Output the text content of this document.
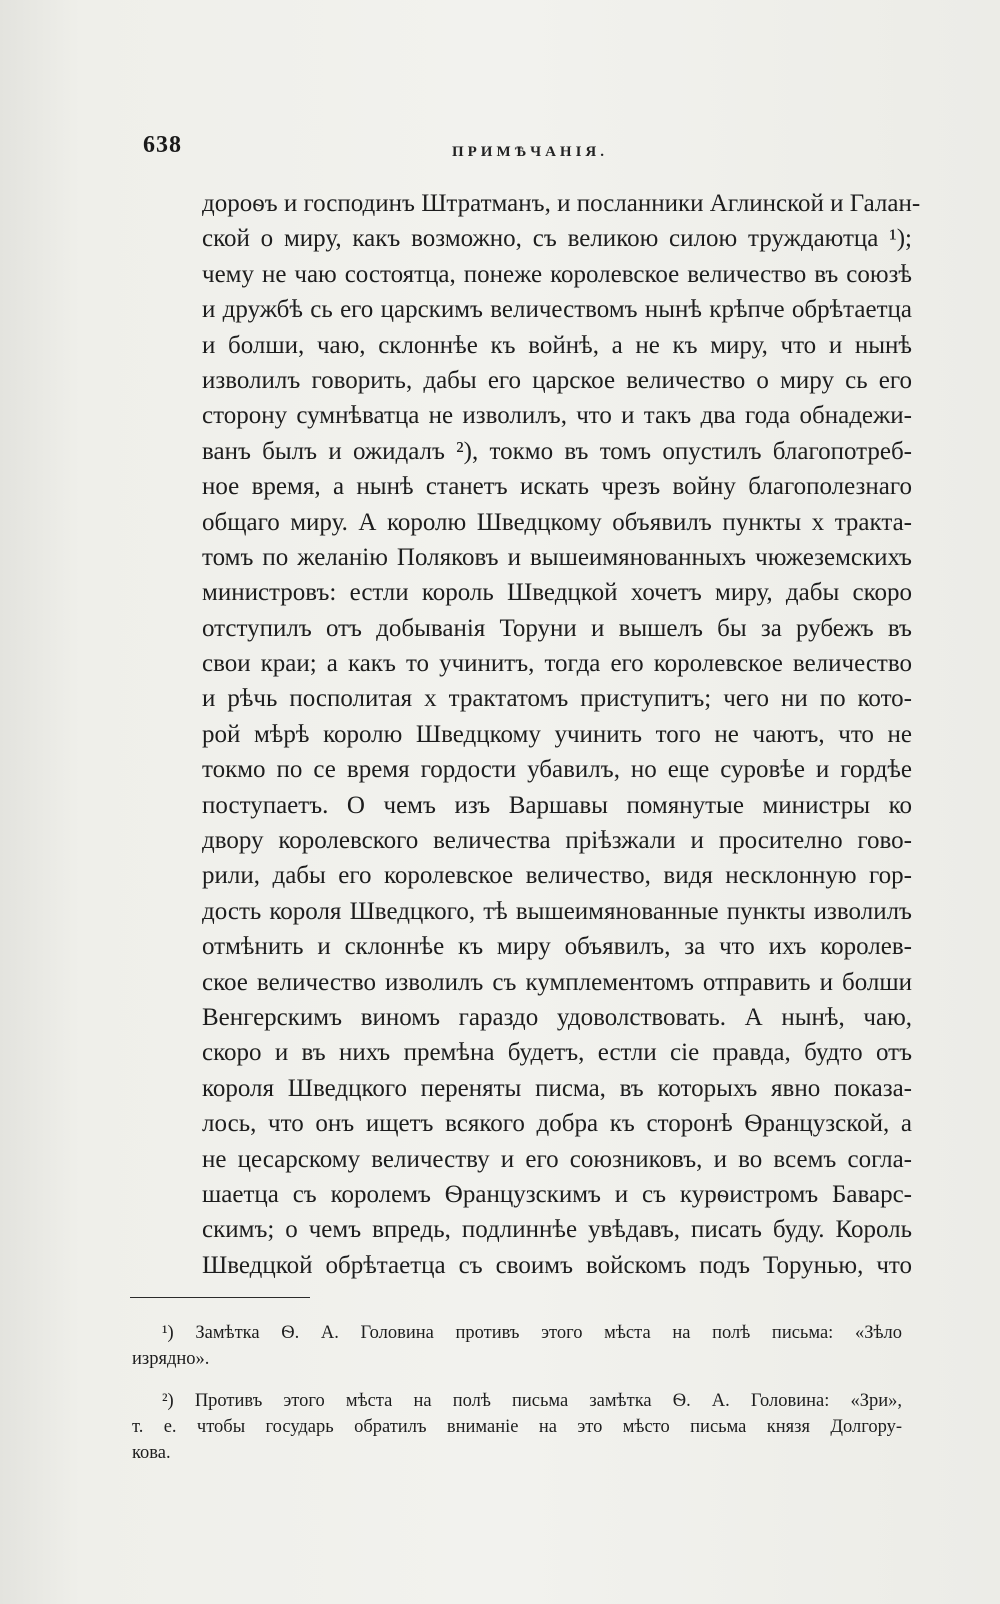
638	ПРИМѢЧАНІЯ.
дороѳъ и господинъ Штратманъ, и посланники Аглинской и Галан-
ской о миру, какъ возможно, съ великою силою труждаютца ¹);
чему не чаю состоятца, понеже королевское величество въ союзѣ
и дружбѣ сь его царскимъ величествомъ нынѣ крѣпче обрѣтаетца
и болши, чаю, склоннѣе къ войнѣ, а не къ миру, что и нынѣ
изволилъ говорить, дабы его царское величество о миру сь его
сторону сумнѣватца не изволилъ, что и такъ два года обнадежи-
ванъ былъ и ожидалъ ²), токмо въ томъ опустилъ благопотреб-
ное время, а нынѣ станетъ искать чрезъ войну благополезнаго
общаго миру. А королю Шведцкому объявилъ пункты х тракта-
томъ по желанію Поляковъ и вышеимянованныхъ чюжеземскихъ
министровъ: естли король Шведцкой хочетъ миру, дабы скоро
отступилъ отъ добыванія Торуни и вышелъ бы за рубежъ въ
свои краи; а какъ то учинитъ, тогда его королевское величество
и рѣчь посполитая х трактатомъ приступитъ; чего ни по кото-
рой мѣрѣ королю Шведцкому учинить того не чаютъ, что не
токмо по се время гордости убавилъ, но еще суровѣе и гордѣе
поступаетъ. О чемъ изъ Варшавы помянутые министры ко
двору королевского величества пріѣзжали и просително гово-
рили, дабы его королевское величество, видя несклонную гор-
дость короля Шведцкого, тѣ вышеимянованные пункты изволилъ
отмѣнить и склоннѣе къ миру объявилъ, за что ихъ королев-
ское величество изволилъ съ кумплементомъ отправить и болши
Венгерскимъ виномъ гараздо удоволствовать. А нынѣ, чаю,
скоро и въ нихъ премѣна будетъ, естли сіе правда, будто отъ
короля Шведцкого переняты писма, въ которыхъ явно показа-
лось, что онъ ищетъ всякого добра къ сторонѣ Ѳранцузской, а
не цесарскому величеству и его союзниковъ, и во всемъ согла-
шаетца съ королемъ Ѳранцузскимъ и съ курѳистромъ Баварс-
скимъ; о чемъ впредь, подлиннѣе увѣдавъ, писать буду. Король
Шведцкой обрѣтаетца съ своимъ войскомъ подъ Торунью, что
¹) Замѣтка Ѳ. А. Головина противъ этого мѣста на полѣ письма: «Зѣло
изрядно».
²) Противъ этого мѣста на полѣ письма замѣтка Ѳ. А. Головина: «Зри»,
т. е. чтобы государь обратилъ вниманіе на это мѣсто письма князя Долгору-
кова.
